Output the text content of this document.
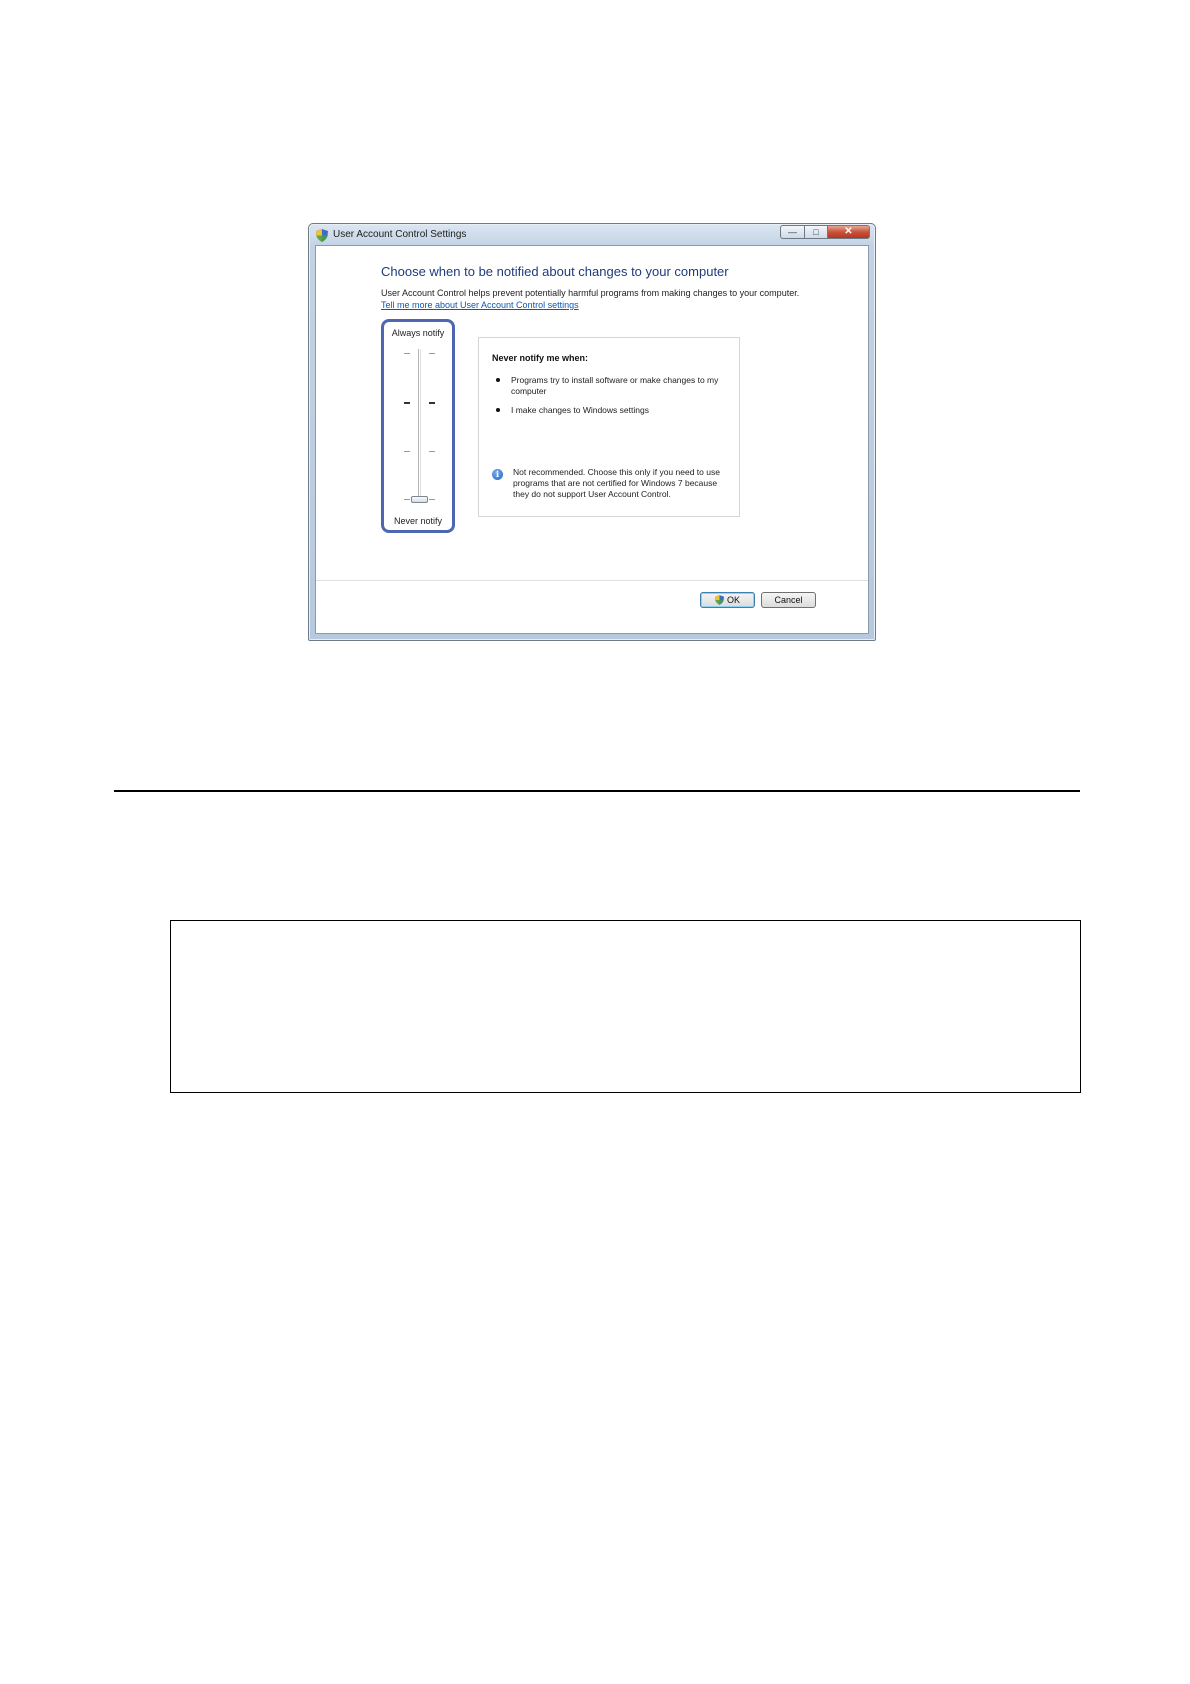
User Account Control Settings	— □	✕
Choose when to be notified about changes to your computer
User Account Control helps prevent potentially harmful programs from making changes to your computer.
Tell me more about User Account Control settings
Always notify
Never notify
Never notify me when:
Programs try to install software or make changes to my computer
I make changes to Windows settings
i	Not recommended. Choose this only if you need to use programs that are not certified for Windows 7 because they do not support User Account Control.
OK	Cancel
